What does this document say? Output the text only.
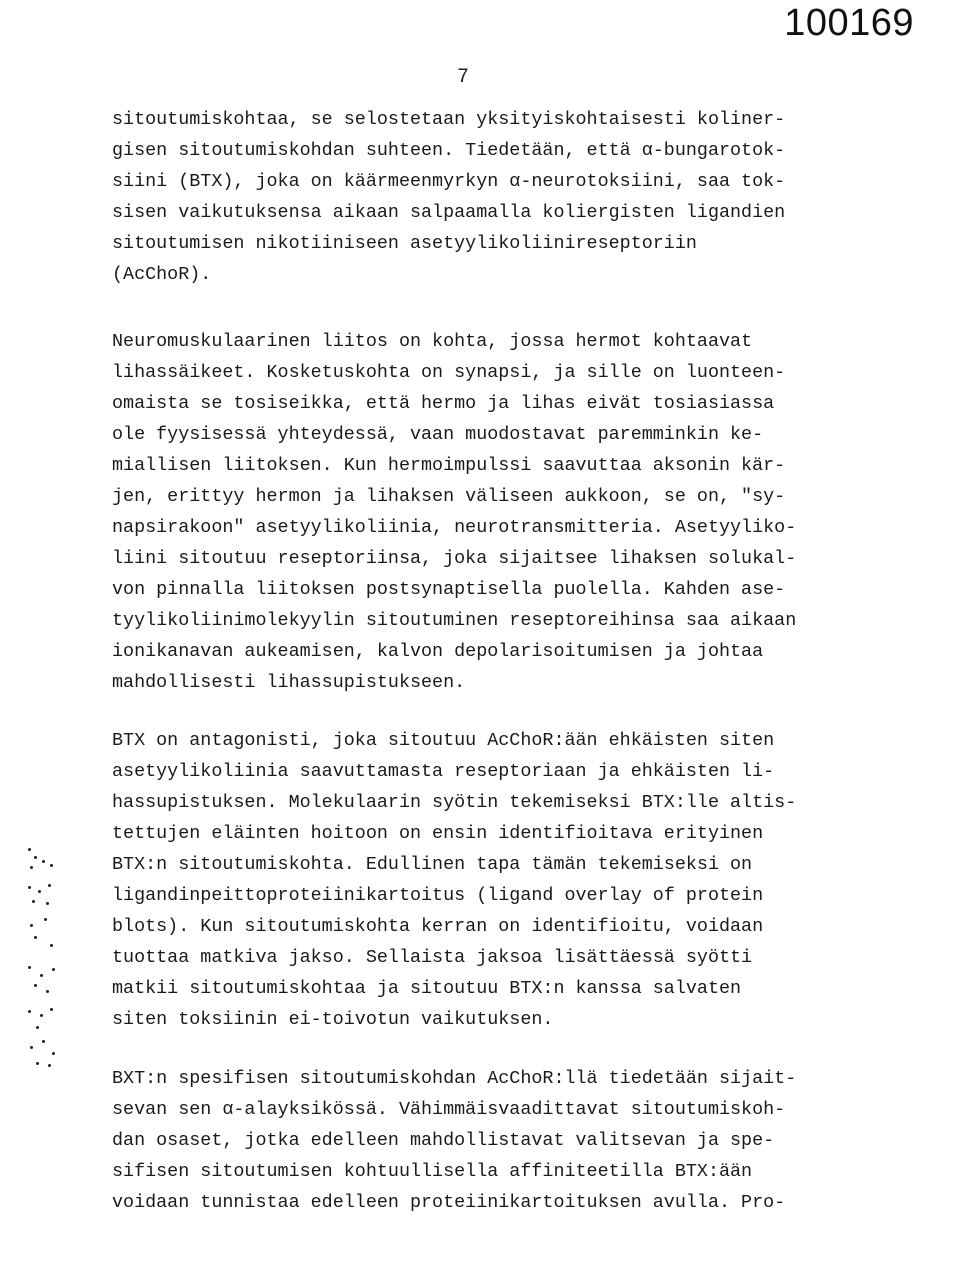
100169
7
sitoutumiskohtaa, se selostetaan yksityiskohtaisesti koliner-
gisen sitoutumiskohdan suhteen. Tiedetään, että α-bungarotok-
siini (BTX), joka on käärmeenmyrkyn α-neurotoksiini, saa tok-
sisen vaikutuksensa aikaan salpaamalla koliergisten ligandien
sitoutumisen nikotiiniseen asetyylikoliinireseptoriin
(AcChoR).
Neuromuskulaarinen liitos on kohta, jossa hermot kohtaavat
lihassäikeet. Kosketuskohta on synapsi, ja sille on luonteen-
omaista se tosiseikka, että hermo ja lihas eivät tosiasiassa
ole fyysisessä yhteydessä, vaan muodostavat paremminkin ke-
miallisen liitoksen. Kun hermoimpulssi saavuttaa aksonin kär-
jen, erittyy hermon ja lihaksen väliseen aukkoon, se on, "sy-
napsirakoon" asetyylikoliinia, neurotransmitteria. Asetyyliko-
liini sitoutuu reseptoriinsa, joka sijaitsee lihaksen solukal-
von pinnalla liitoksen postsynaptisella puolella. Kahden ase-
tyylikoliinimolekyylin sitoutuminen reseptoreihinsa saa aikaan
ionikanavan aukeamisen, kalvon depolarisoitumisen ja johtaa
mahdollisesti lihassupistukseen.
BTX on antagonisti, joka sitoutuu AcChoR:ään ehkäisten siten
asetyylikoliinia saavuttamasta reseptoriaan ja ehkäisten li-
hassupistuksen. Molekulaarin syötin tekemiseksi BTX:lle altis-
tettujen eläinten hoitoon on ensin identifioitava erityinen
BTX:n sitoutumiskohta. Edullinen tapa tämän tekemiseksi on
ligandinpeittoproteiinikartoitus (ligand overlay of protein
blots). Kun sitoutumiskohta kerran on identifioitu, voidaan
tuottaa matkiva jakso. Sellaista jaksoa lisättäessä syötti
matkii sitoutumiskohtaa ja sitoutuu BTX:n kanssa salvaten
siten toksiinin ei-toivotun vaikutuksen.
BXT:n spesifisen sitoutumiskohdan AcChoR:llä tiedetään sijait-
sevan sen α-alayksikössä. Vähimmäisvaadittavat sitoutumiskoh-
dan osaset, jotka edelleen mahdollistavat valitsevan ja spe-
sifisen sitoutumisen kohtuullisella affiniteetilla BTX:ään
voidaan tunnistaa edelleen proteiinikartoituksen avulla. Pro-
